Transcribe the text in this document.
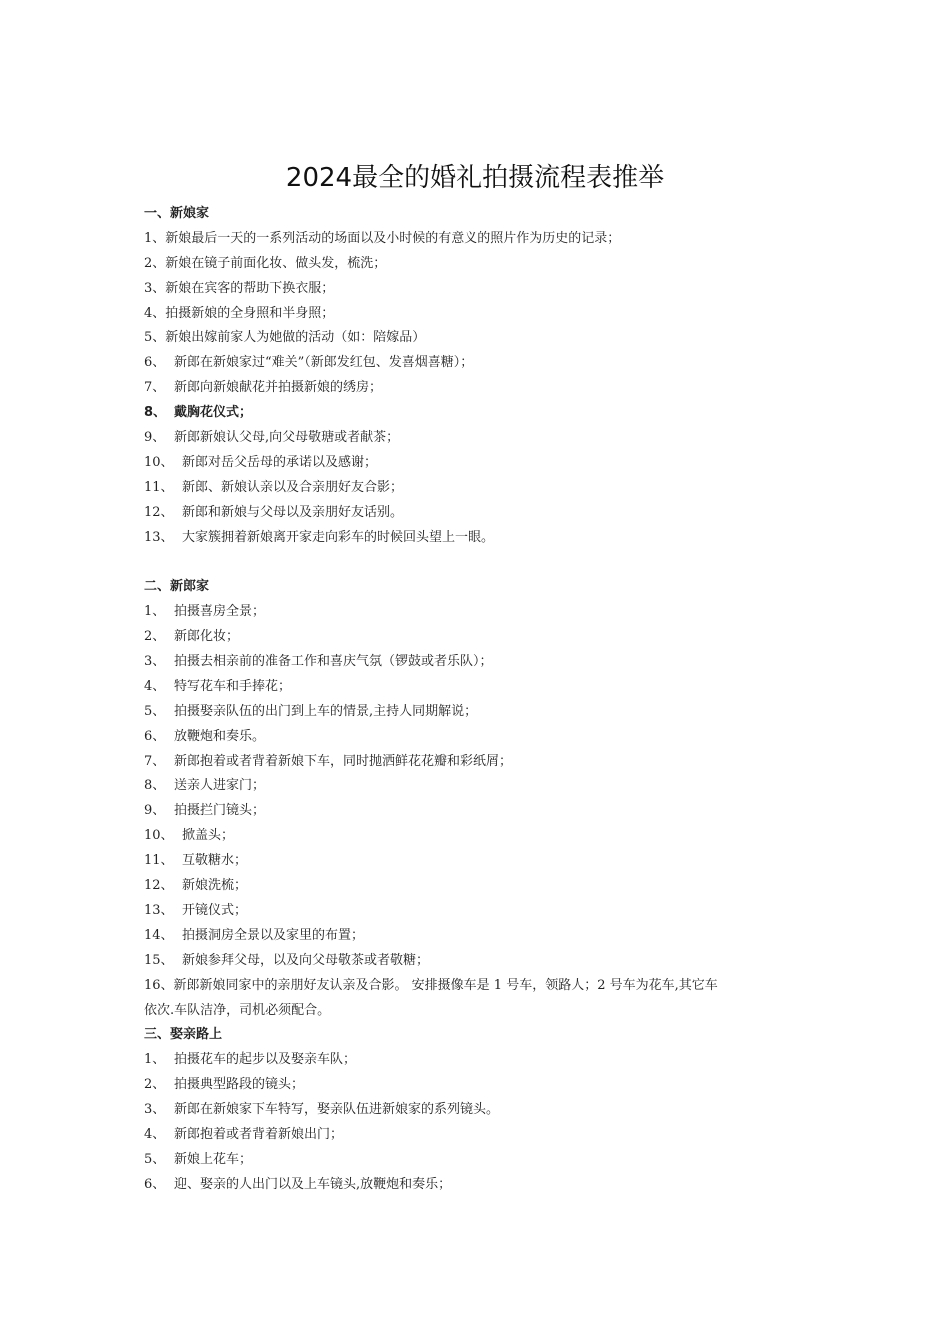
2024最全的婚礼拍摄流程表推举
一、新娘家
1、新娘最后一天的一系列活动的场面以及小时候的有意义的照片作为历史的记录；
2、新娘在镜子前面化妆、做头发，梳洗；
3、新娘在宾客的帮助下换衣服；
4、拍摄新娘的全身照和半身照；
5、新娘出嫁前家人为她做的活动（如：陪嫁品）
6、 新郎在新娘家过“难关”（新郎发红包、发喜烟喜糖）；
7、 新郎向新娘献花并拍摄新娘的绣房；
8、 戴胸花仪式；
9、 新郎新娘认父母,向父母敬瑭或者献茶；
10、 新郎对岳父岳母的承诺以及感谢；
11、 新郎、新娘认亲以及合亲朋好友合影；
12、 新郎和新娘与父母以及亲朋好友话别。
13、 大家簇拥着新娘离开家走向彩车的时候回头望上一眼。
二、新郎家
1、 拍摄喜房全景；
2、 新郎化妆；
3、 拍摄去相亲前的准备工作和喜庆气氛（锣鼓或者乐队）；
4、 特写花车和手捧花；
5、 拍摄娶亲队伍的出门到上车的情景,主持人同期解说；
6、 放鞭炮和奏乐。
7、 新郎抱着或者背着新娘下车，同时抛洒鲜花花瓣和彩纸屑；
8、 送亲人进家门；
9、 拍摄拦门镜头；
10、 掀盖头；
11、 互敬糖水；
12、 新娘洗梳；
13、 开镜仪式；
14、 拍摄洞房全景以及家里的布置；
15、 新娘参拜父母，以及向父母敬茶或者敬糖；
16、新郎新娘同家中的亲朋好友认亲及合影。 安排摄像车是 1 号车，领路人；2 号车为花车,其它车
依次.车队洁净，司机必须配合。
三、娶亲路上
1、 拍摄花车的起步以及娶亲车队；
2、 拍摄典型路段的镜头；
3、 新郎在新娘家下车特写，娶亲队伍进新娘家的系列镜头。
4、 新郎抱着或者背着新娘出门；
5、 新娘上花车；
6、 迎、娶亲的人出门以及上车镜头,放鞭炮和奏乐；
